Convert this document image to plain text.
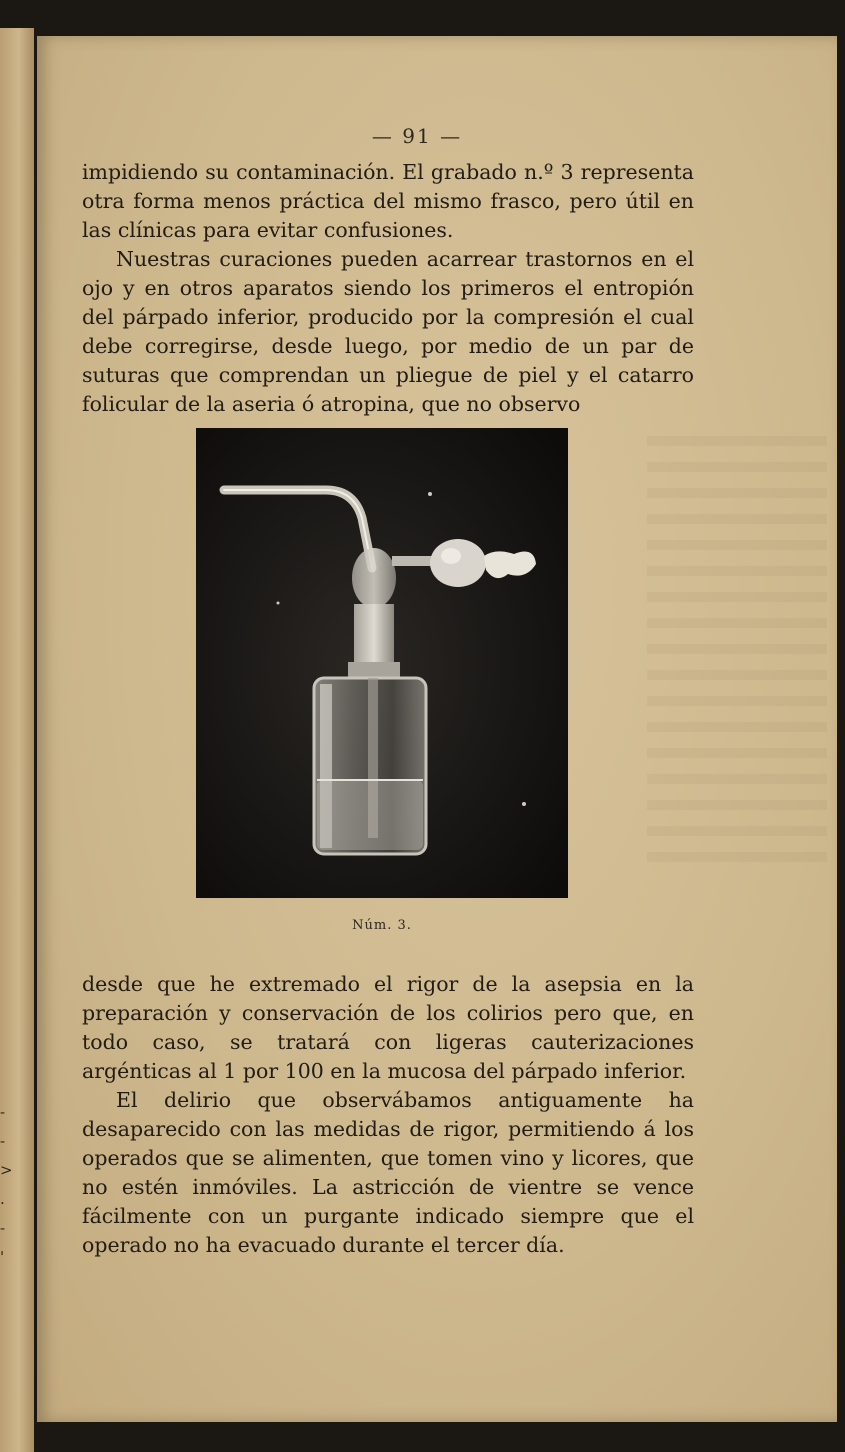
-
-
>
.
-
'
— 91 —

impidiendo su contaminación. El grabado n.º 3 representa otra forma menos práctica del mismo frasco, pero útil en las clínicas para evitar confusiones.

Nuestras curaciones pueden acarrear trastornos en el ojo y en otros aparatos siendo los primeros el entropión del párpado inferior, producido por la compresión el cual debe corregirse, desde luego, por medio de un par de suturas que comprendan un pliegue de piel y el catarro folicular de la aseria ó atropina, que no observo

Núm. 3.

desde que he extremado el rigor de la asepsia en la preparación y conservación de los colirios pero que, en todo caso, se tratará con ligeras cauterizaciones argénticas al 1 por 100 en la mucosa del párpado inferior.

El delirio que observábamos antiguamente ha desaparecido con las medidas de rigor, permitiendo á los operados que se alimenten, que tomen vino y licores, que no estén inmóviles. La astricción de vientre se vence fácilmente con un purgante indicado siempre que el operado no ha evacuado durante el tercer día.
